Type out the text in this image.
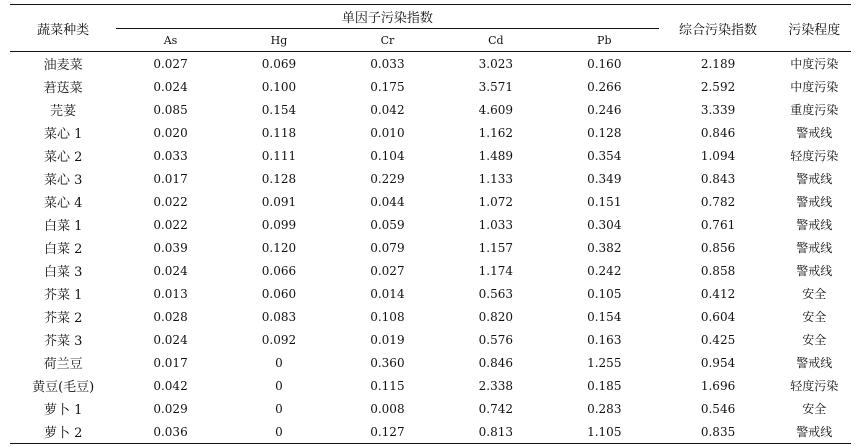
蔬菜种类	单因子污染指数					综合污染指数	污染程度
	As	Hg	Cr	Cd	Pb		
油麦菜	0.027	0.069	0.033	3.023	0.160	2.189	中度污染
莙荙菜	0.024	0.100	0.175	3.571	0.266	2.592	中度污染
芫荽	0.085	0.154	0.042	4.609	0.246	3.339	重度污染
菜心 1	0.020	0.118	0.010	1.162	0.128	0.846	警戒线
菜心 2	0.033	0.111	0.104	1.489	0.354	1.094	轻度污染
菜心 3	0.017	0.128	0.229	1.133	0.349	0.843	警戒线
菜心 4	0.022	0.091	0.044	1.072	0.151	0.782	警戒线
白菜 1	0.022	0.099	0.059	1.033	0.304	0.761	警戒线
白菜 2	0.039	0.120	0.079	1.157	0.382	0.856	警戒线
白菜 3	0.024	0.066	0.027	1.174	0.242	0.858	警戒线
芥菜 1	0.013	0.060	0.014	0.563	0.105	0.412	安全
芥菜 2	0.028	0.083	0.108	0.820	0.154	0.604	安全
芥菜 3	0.024	0.092	0.019	0.576	0.163	0.425	安全
荷兰豆	0.017	0	0.360	0.846	1.255	0.954	警戒线
黄豆(毛豆)	0.042	0	0.115	2.338	0.185	1.696	轻度污染
萝卜 1	0.029	0	0.008	0.742	0.283	0.546	安全
萝卜 2	0.036	0	0.127	0.813	1.105	0.835	警戒线
